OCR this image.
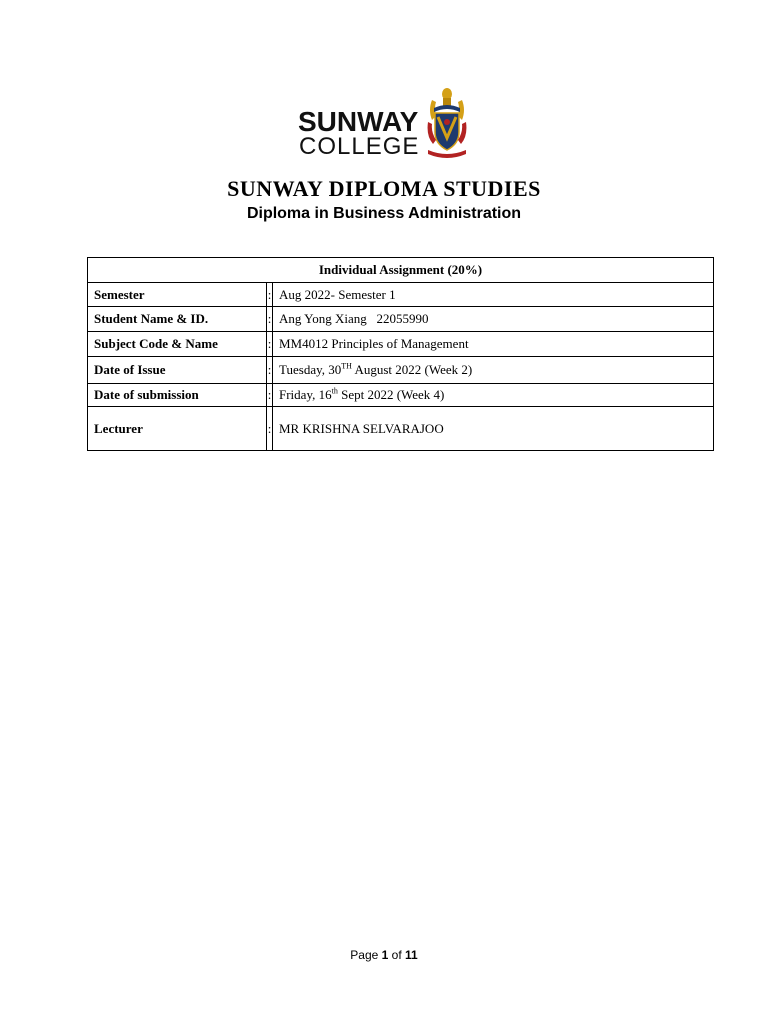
SUNWAY
COLLEGE
SUNWAY DIPLOMA STUDIES
Diploma in Business Administration
Individual Assignment (20%)		
Semester	:	Aug 2022- Semester 1
Student Name & ID.	:	Ang Yong Xiang   22055990
Subject Code & Name	:	MM4012 Principles of Management
Date of Issue	:	Tuesday, 30TH August 2022 (Week 2)
Date of submission	:	Friday, 16th Sept 2022 (Week 4)
Lecturer	:	MR KRISHNA SELVARAJOO
Page 1 of 11
